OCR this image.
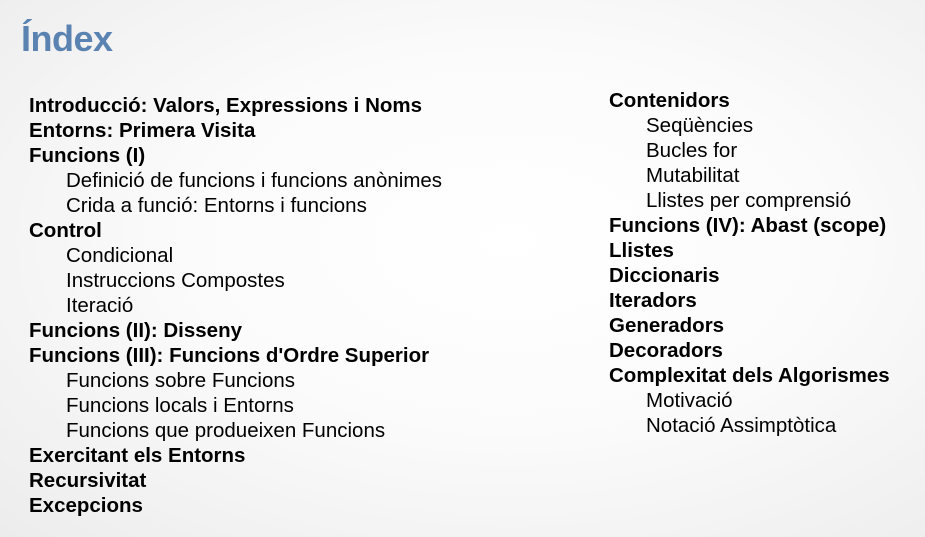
Índex
Introducció: Valors, Expressions i Noms
Entorns: Primera Visita
Funcions (I)
Definició de funcions i funcions anònimes
Crida a funció: Entorns i funcions
Control
Condicional
Instruccions Compostes
Iteració
Funcions (II): Disseny
Funcions (III): Funcions d'Ordre Superior
Funcions sobre Funcions
Funcions locals i Entorns
Funcions que produeixen Funcions
Exercitant els Entorns
Recursivitat
Excepcions
Contenidors
Seqüències
Bucles for
Mutabilitat
Llistes per comprensió
Funcions (IV): Abast (scope)
Llistes
Diccionaris
Iteradors
Generadors
Decoradors
Complexitat dels Algorismes
Motivació
Notació Assimptòtica
